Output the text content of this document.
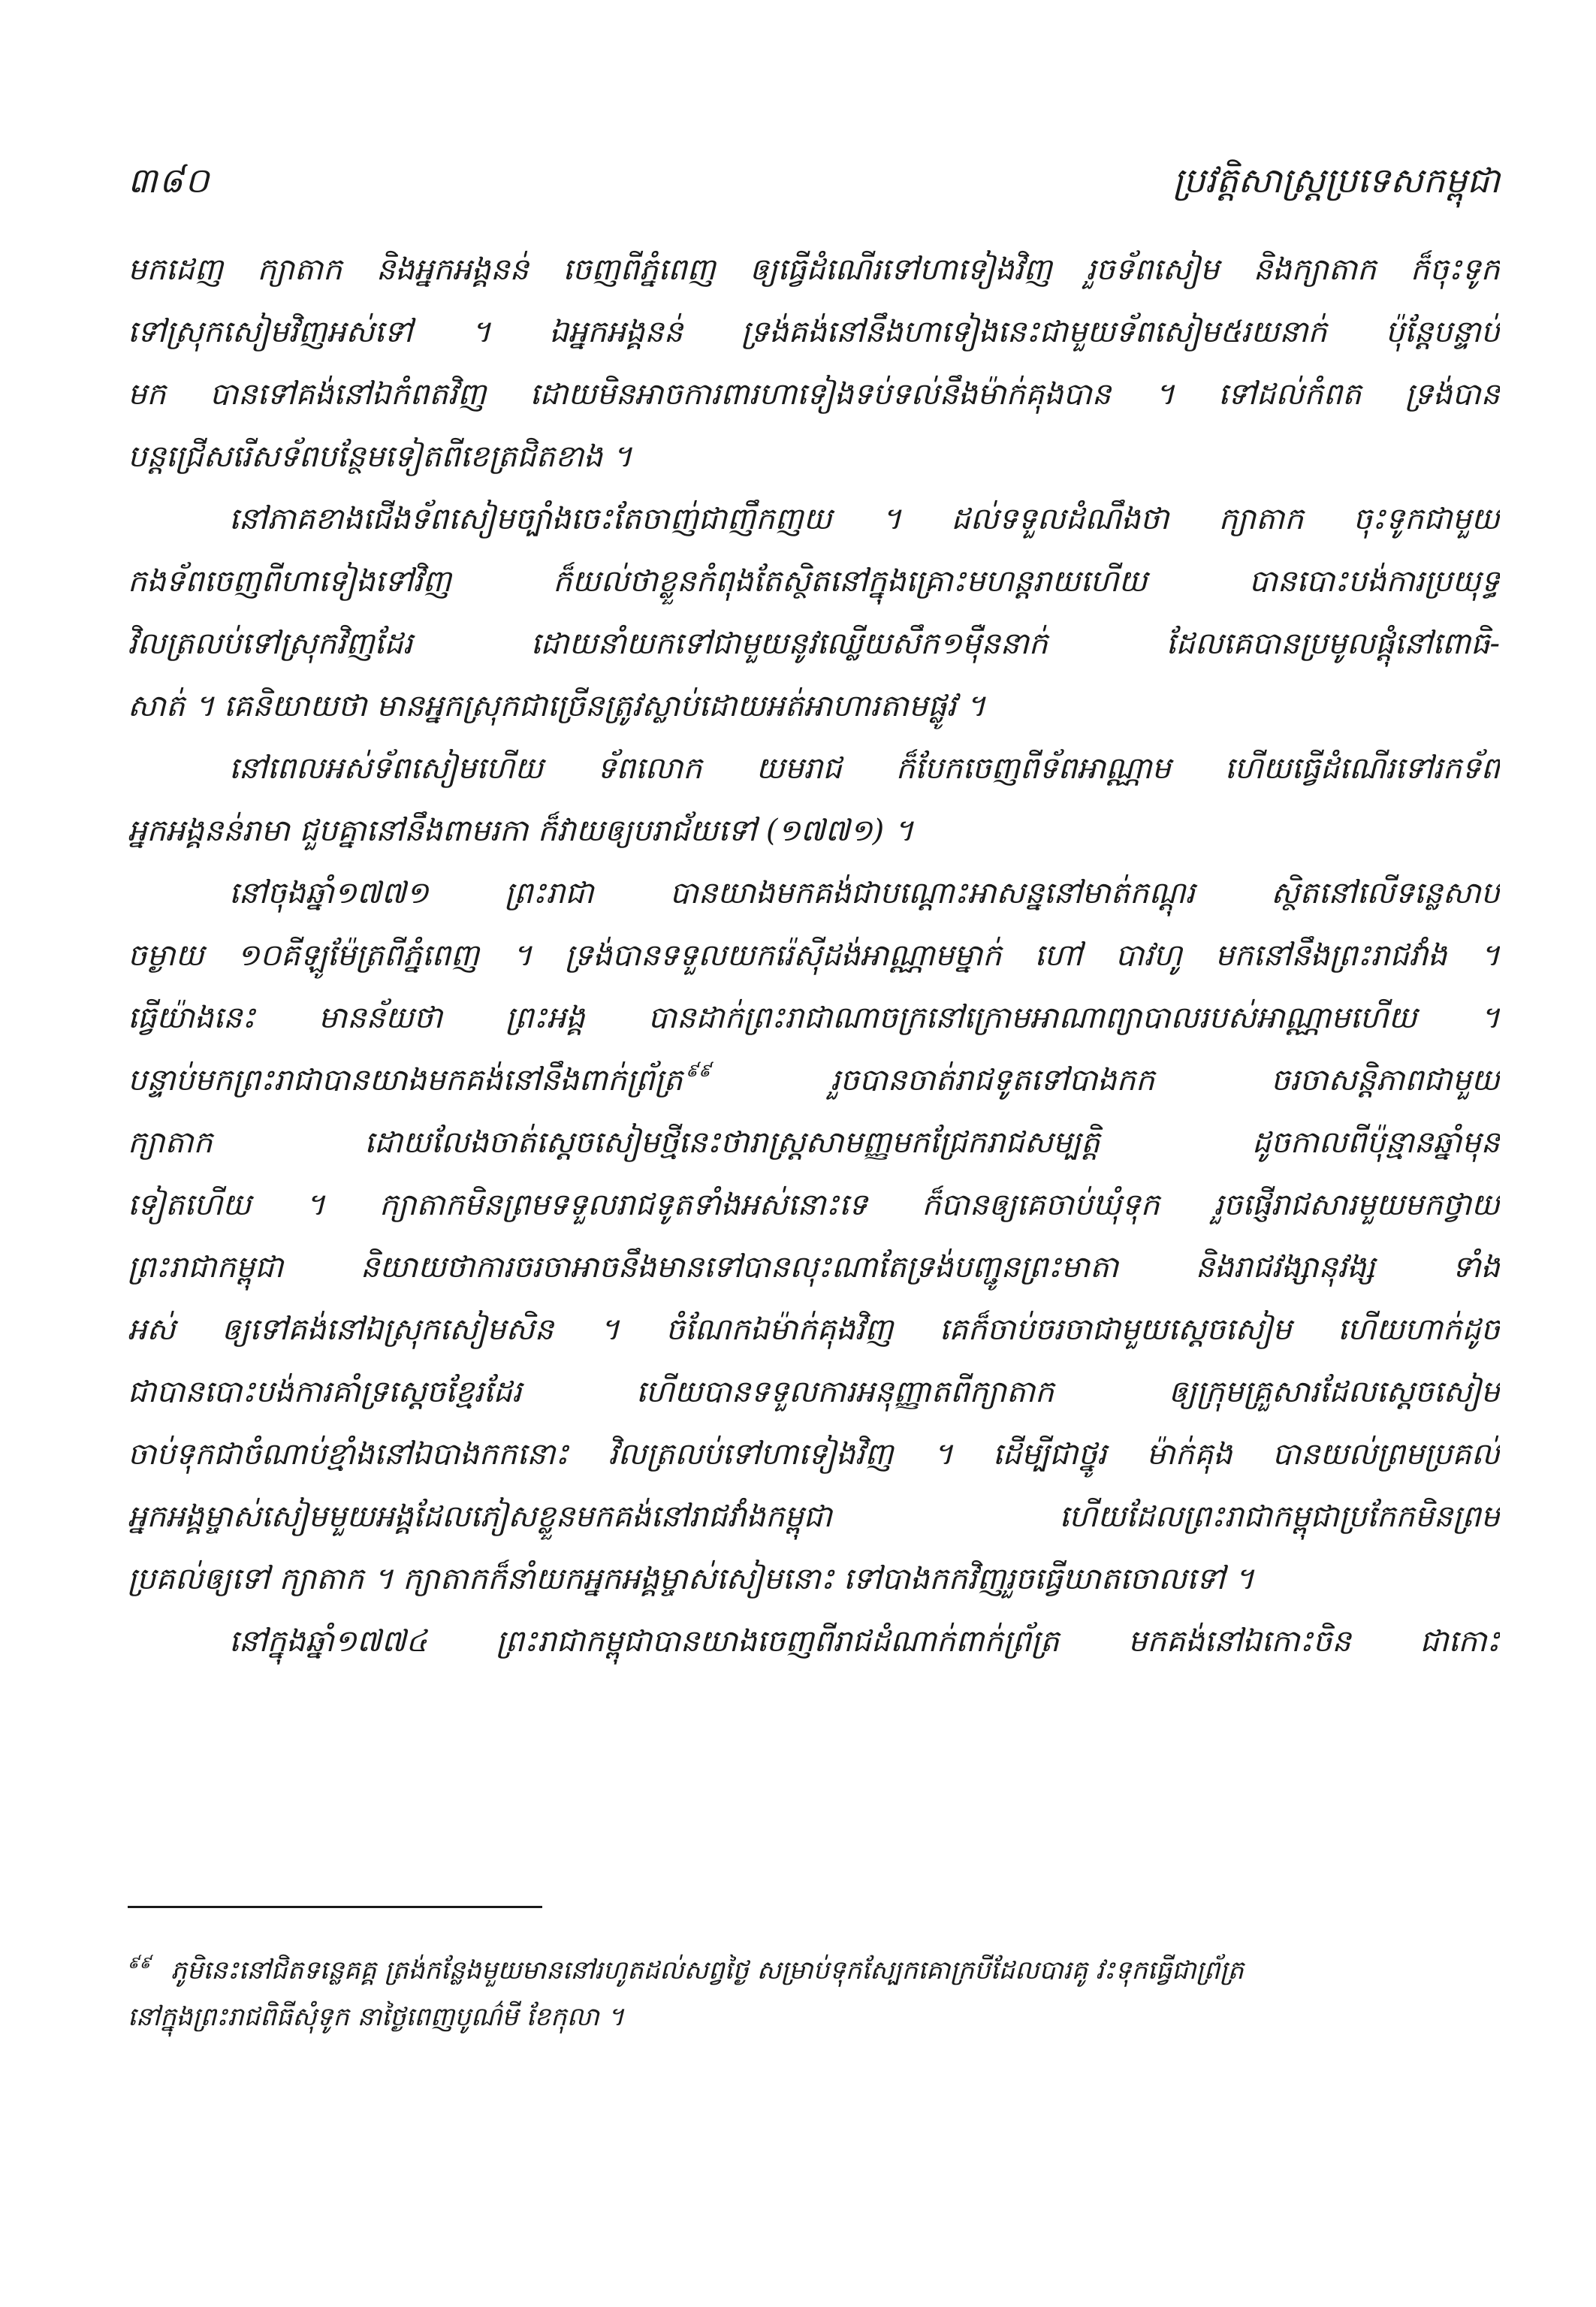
៣៨០	ប្រវត្តិសាស្ត្រប្រទេសកម្ពុជា
មកដេញ ក្យាតាក និងអ្នកអង្គនន់ ចេញពីភ្នំពេញ ឲ្យធ្វើដំណើរទៅហាទៀងវិញ រួចទ័ពសៀម និងក្យាតាក ក៏ចុះទូក
ទៅស្រុកសៀមវិញអស់ទៅ ។ ឯអ្នកអង្គនន់ ទ្រង់គង់នៅនឹងហាទៀងនេះជាមួយទ័ពសៀម៥រយនាក់ ប៉ុន្តែបន្ទាប់
មក បានទៅគង់នៅឯកំពតវិញ ដោយមិនអាចការពារហាទៀងទប់ទល់នឹងម៉ាក់គុងបាន ។ ទៅដល់កំពត ទ្រង់បាន
បន្តជ្រើសរើសទ័ពបន្ថែមទៀតពីខេត្រជិតខាង ។
នៅភាគខាងជើងទ័ពសៀមច្បាំងចេះតែចាញ់ជាញឹកញយ ។ ដល់ទទួលដំណឹងថា ក្យាតាក ចុះទូកជាមួយ
កងទ័ពចេញពីហាទៀងទៅវិញ ក៏យល់ថាខ្លួនកំពុងតែស្ថិតនៅក្នុងគ្រោះមហន្តរាយហើយ បានបោះបង់ការប្រយុទ្ធ
វិលត្រលប់ទៅស្រុកវិញដែរ ដោយនាំយកទៅជាមួយនូវឈ្លើយសឹក១ម៉ឺននាក់ ដែលគេបានប្រមូលផ្ដុំនៅពោធិ-
សាត់ ។ គេនិយាយថា មានអ្នកស្រុកជាច្រើនត្រូវស្លាប់ដោយអត់អាហារតាមផ្លូវ ។
នៅពេលអស់ទ័ពសៀមហើយ ទ័ពលោក យមរាជ ក៏បែកចេញពីទ័ពអាណ្ណាម ហើយធ្វើដំណើរទៅរកទ័ព
អ្នកអង្គនន់រាមា ជួបគ្នានៅនឹងពាមរកា ក៏វាយឲ្យបរាជ័យទៅ (១៧៧១) ។
នៅចុងឆ្នាំ១៧៧១ ព្រះរាជា បានយាងមកគង់ជាបណ្ដោះអាសន្ននៅមាត់កណ្ដុរ ស្ថិតនៅលើទន្លេសាប
ចម្ងាយ ១០គីឡូម៉ែត្រពីភ្នំពេញ ។ ទ្រង់បានទទួលយករ៉េស៊ីដង់អាណ្ណាមម្នាក់ ហៅ បាវហូ មកនៅនឹងព្រះរាជវាំង ។
ធ្វើយ៉ាងនេះ មានន័យថា ព្រះអង្គ បានដាក់ព្រះរាជាណាចក្រនៅក្រោមអាណាព្យាបាលរបស់អាណ្ណាមហើយ ។
បន្ទាប់មកព្រះរាជាបានយាងមកគង់នៅនឹងពាក់ព្រ័ត្រ $^{៩៩}$ រួចបានចាត់រាជទូតទៅបាងកក ចរចាសន្តិភាពជាមួយ
ក្យាតាក ដោយលែងចាត់ស្ដេចសៀមថ្មីនេះថារាស្ត្រសាមញ្ញមកជ្រែករាជសម្បត្តិ ដូចកាលពីប៉ុន្មានឆ្នាំមុន
ទៀតហើយ ។ ក្យាតាកមិនព្រមទទួលរាជទូតទាំងអស់នោះទេ ក៏បានឲ្យគេចាប់ឃុំទុក រួចផ្ញើរាជសារមួយមកថ្វាយ
ព្រះរាជាកម្ពុជា និយាយថាការចរចាអាចនឹងមានទៅបានលុះណាតែទ្រង់បញ្ជូនព្រះមាតា និងរាជវង្សានុវង្ស ទាំង
អស់ ឲ្យទៅគង់នៅឯស្រុកសៀមសិន ។ ចំណែកឯម៉ាក់គុងវិញ គេក៏ចាប់ចរចាជាមួយស្ដេចសៀម ហើយហាក់ដូច
ជាបានបោះបង់ការគាំទ្រស្ដេចខ្មែរដែរ ហើយបានទទួលការអនុញ្ញាតពីក្យាតាក ឲ្យក្រុមគ្រួសារដែលស្ដេចសៀម
ចាប់ទុកជាចំណាប់ខ្មាំងនៅឯបាងកកនោះ វិលត្រលប់ទៅហាទៀងវិញ ។ ដើម្បីជាថ្នូរ ម៉ាក់គុង បានយល់ព្រមប្រគល់
អ្នកអង្គម្ចាស់សៀមមួយអង្គដែលភៀសខ្លួនមកគង់នៅរាជវាំងកម្ពុជា ហើយដែលព្រះរាជាកម្ពុជាប្រកែកមិនព្រម
ប្រគល់ឲ្យទៅ ក្យាតាក ។ ក្យាតាកក៏នាំយកអ្នកអង្គម្ចាស់សៀមនោះ ទៅបាងកកវិញរួចធ្វើឃាតចោលទៅ ។
នៅក្នុងឆ្នាំ១៧៧៤ ព្រះរាជាកម្ពុជាបានយាងចេញពីរាជដំណាក់ពាក់ព្រ័ត្រ មកគង់នៅឯកោះចិន ជាកោះ
$^{៩៩}$ ភូមិនេះនៅជិតទន្លេគគ្គ ត្រង់កន្លែងមួយមាននៅរហូតដល់សព្វថ្ងៃ សម្រាប់ទុកស្បែកគោក្របីដែលបារគូ វះទុកធ្វើជាព្រ័ត្រ
នៅក្នុងព្រះរាជពិធីសុំទូក នាថ្ងៃពេញបូណ៌មី ខែកុលា ។
